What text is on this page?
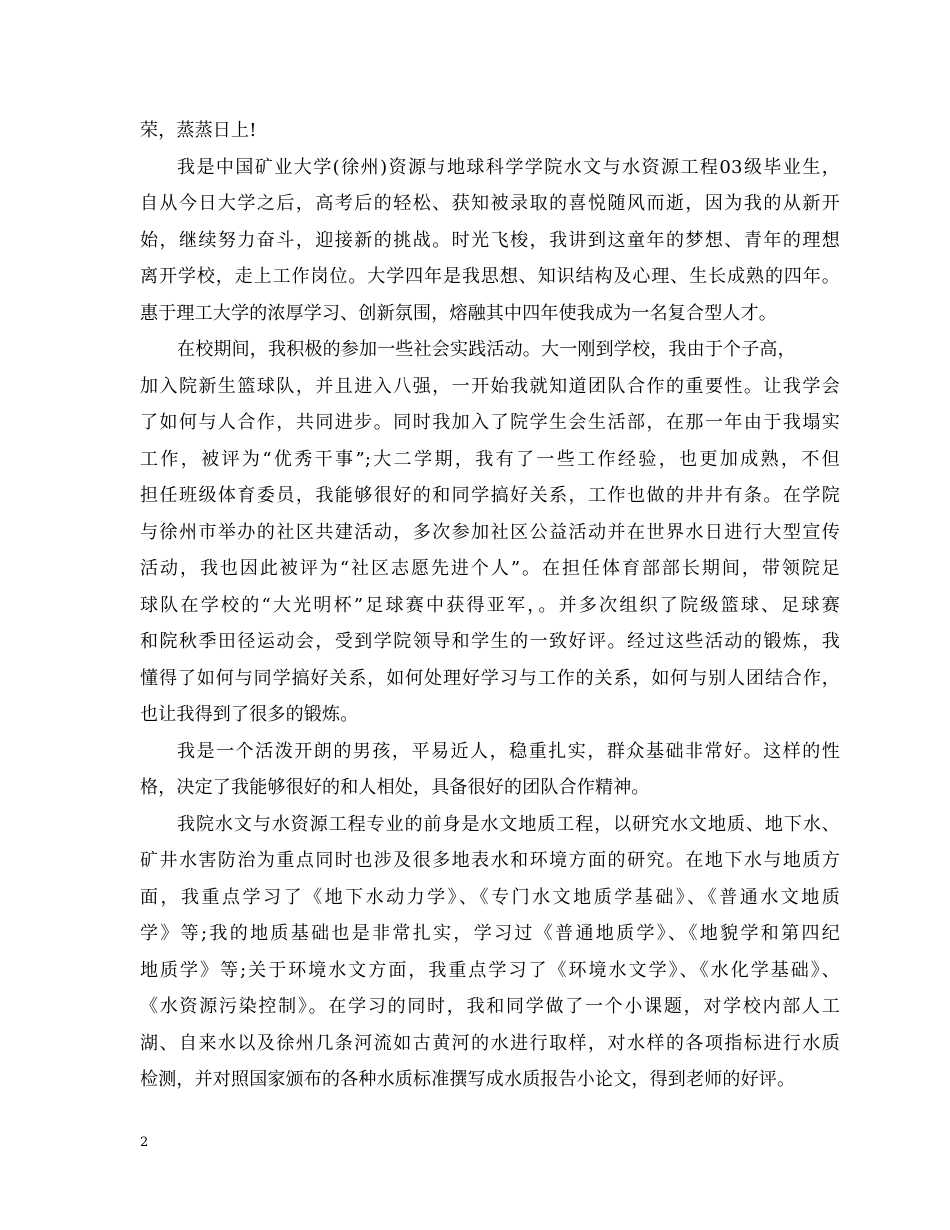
荣，蒸蒸日上!
我是中国矿业大学(徐州)资源与地球科学学院水文与水资源工程03级毕业生，
自从今日大学之后，高考后的轻松、获知被录取的喜悦随风而逝，因为我的从新开
始，继续努力奋斗，迎接新的挑战。时光飞梭，我讲到这童年的梦想、青年的理想
离开学校，走上工作岗位。大学四年是我思想、知识结构及心理、生长成熟的四年。
惠于理工大学的浓厚学习、创新氛围，熔融其中四年使我成为一名复合型人才。
在校期间，我积极的参加一些社会实践活动。大一刚到学校，我由于个子高，
加入院新生篮球队，并且进入八强，一开始我就知道团队合作的重要性。让我学会
了如何与人合作，共同进步。同时我加入了院学生会生活部，在那一年由于我塌实
工作，被评为“优秀干事”;大二学期，我有了一些工作经验，也更加成熟，不但
担任班级体育委员，我能够很好的和同学搞好关系，工作也做的井井有条。在学院
与徐州市举办的社区共建活动，多次参加社区公益活动并在世界水日进行大型宣传
活动，我也因此被评为“社区志愿先进个人”。在担任体育部部长期间，带领院足
球队在学校的“大光明杯”足球赛中获得亚军，。并多次组织了院级篮球、足球赛
和院秋季田径运动会，受到学院领导和学生的一致好评。经过这些活动的锻炼，我
懂得了如何与同学搞好关系，如何处理好学习与工作的关系，如何与别人团结合作，
也让我得到了很多的锻炼。
我是一个活泼开朗的男孩，平易近人，稳重扎实，群众基础非常好。这样的性
格，决定了我能够很好的和人相处，具备很好的团队合作精神。
我院水文与水资源工程专业的前身是水文地质工程，以研究水文地质、地下水、
矿井水害防治为重点同时也涉及很多地表水和环境方面的研究。在地下水与地质方
面，我重点学习了《地下水动力学》、《专门水文地质学基础》、《普通水文地质
学》等;我的地质基础也是非常扎实，学习过《普通地质学》、《地貌学和第四纪
地质学》等;关于环境水文方面，我重点学习了《环境水文学》、《水化学基础》、
《水资源污染控制》。在学习的同时，我和同学做了一个小课题，对学校内部人工
湖、自来水以及徐州几条河流如古黄河的水进行取样，对水样的各项指标进行水质
检测，并对照国家颁布的各种水质标准撰写成水质报告小论文，得到老师的好评。
2
